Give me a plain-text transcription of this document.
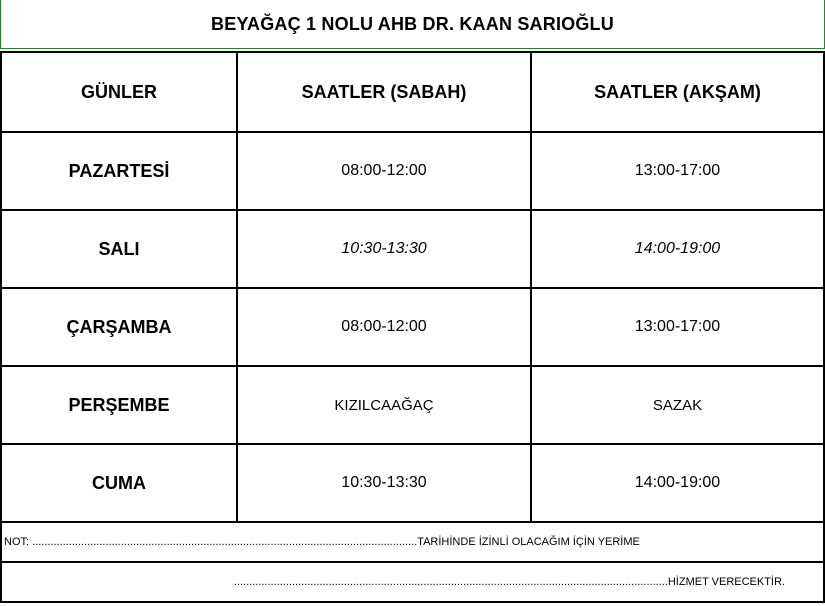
BEYAĞAÇ 1 NOLU AHB DR. KAAN SARIOĞLU
GÜNLER	SAATLER (SABAH)	SAATLER (AKŞAM)
PAZARTESİ	08:00-12:00	13:00-17:00
SALI	10:30-13:30	14:00-19:00
ÇARŞAMBA	08:00-12:00	13:00-17:00
PERŞEMBE	KIZILCAAĞAÇ	SAZAK
CUMA	10:30-13:30	14:00-19:00
NOT: ..............................................................................................................................TARİHİNDE İZİNLİ OLACAĞIM İÇİN YERİME		

..............................................................................................................................................HİZMET VERECEKTİR.		
